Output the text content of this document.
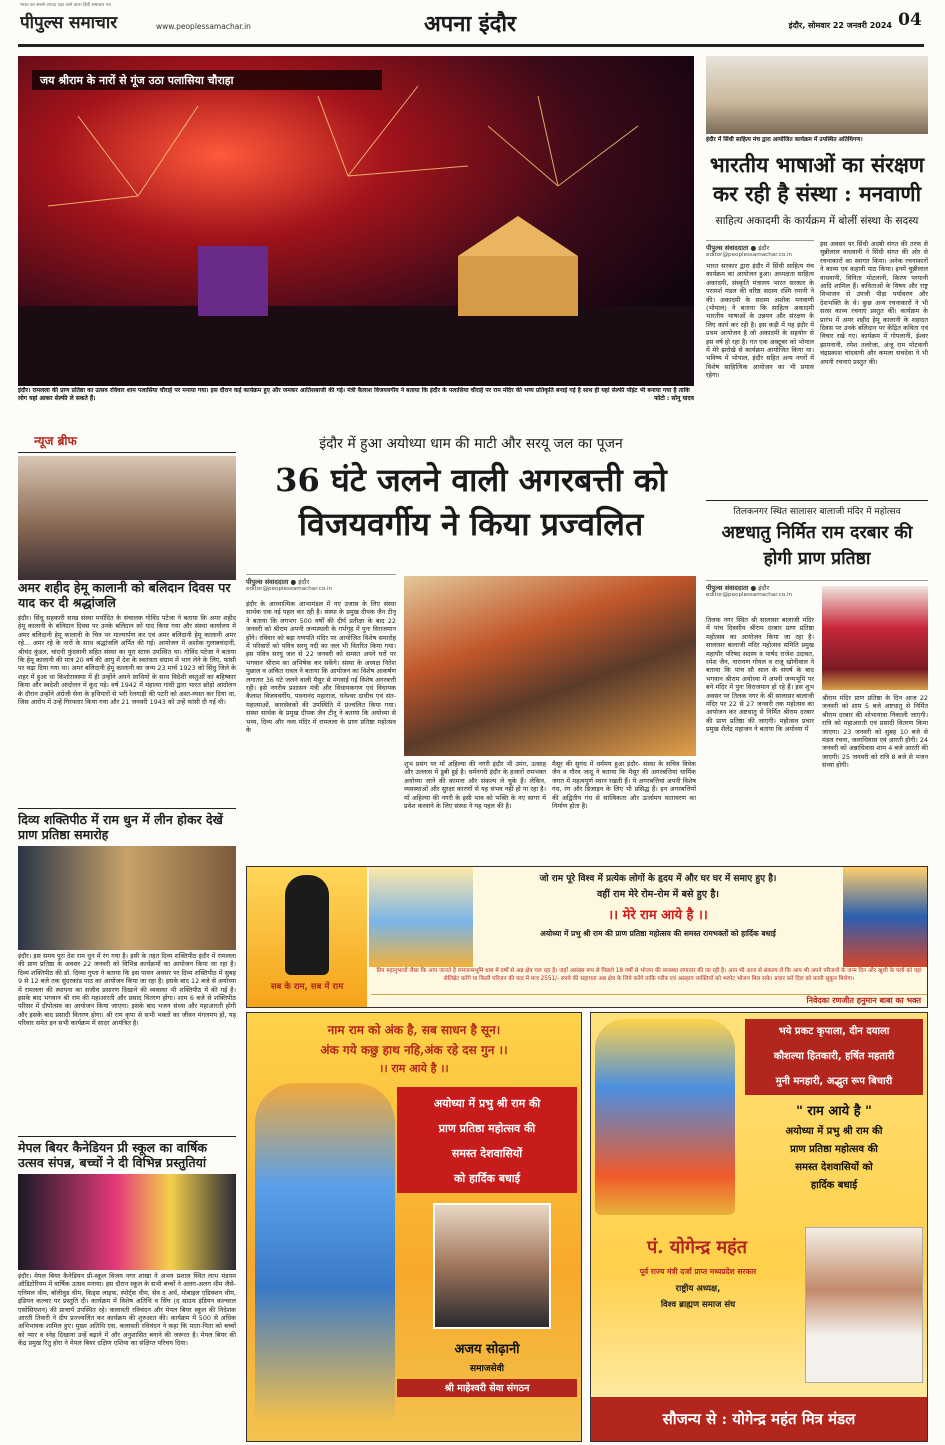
भारत का सबसे ज्यादा पढ़ा जाने वाला हिंदी समाचार पत्र
पीपुल्स समाचार	www.peoplessamachar.in	अपना इंदौर	इंदौर, सोमवार 22 जनवरी 2024 04
जय श्रीराम के नारों से गूंज उठा पलासिया चौराहा
इंदौर। रामलला की प्राण प्रतिष्ठा का उत्सव रविवार शाम पलासिया चौराहे पर मनाया गया। इस दौरान कई कार्यक्रम हुए और जमकर आतिशबाजी की गई। मंत्री कैलाश विजयवर्गीय ने बताया कि इंदौर के पलासिया चौराहे पर राम मंदिर की भव्य प्रतिकृति बनाई गई है साथ ही यहां सेल्फी पॉइंट भी बनाया गया है ताकि लोग यहां आकर सेल्फी ले सकते हैं।	फोटो : सोनू यादव
इंदौर में सिंधी साहित्य मंच द्वारा आयोजित कार्यक्रम में उपस्थित अतिथिगण।
भारतीय भाषाओं का संरक्षण कर रही है संस्था : मनवाणी
साहित्य अकादमी के कार्यक्रम में बोलीं संस्था के सदस्य
पीपुल्स संवाददाता ● इंदौर
editor@peoplessamachar.co.in
भारत सरकार द्वारा इंदौर में सिंधी साहित्य मंच कार्यक्रम का आयोजन हुआ। अध्यक्षता साहित्य अकादमी, संस्कृति मंत्रालय भारत सरकार के परामर्श मंडल की वरिष्ठ सदस्य रश्मि रमानी ने की। अकादमी के सदस्य अशोक मनवाणी (भोपाल) ने बताया कि साहित्य अकादमी भारतीय भाषाओं के उन्नयन और संरक्षण के लिए कार्य कर रही है। इस कड़ी में यह इंदौर में प्रथम आयोजन है जो अकादमी के सहयोग से इस वर्ष हो रहा है। गत एक अक्टूबर को भोपाल में मेरे झरोखे से कार्यक्रम आयोजित किया था। भविष्य में भोपाल, इंदौर सहित अन्य नगरों में विशेष साहित्यिक आयोजन का भी प्रयास रहेगा।
इस अवसर पर सिंधी अदबी संगत की तरफ से चुन्नीलाल वाधवानी ने सिंधी संगत की ओर से रचनाकारों का स्वागत किया। अनेक रचनाकारों ने काव्य एवं कहानी पाठ किया। इनमें चुन्नीलाल वाधवानी, विनिता मोटलानी, किरण परयानी आदि शामिल हैं। कविताओं के विषय और राष्ट्र विभाजन से उपजी पीड़ा पर्यावरण और देशभक्ति के थे। कुछ अन्य रचनाकारों ने भी सरस काव्य रचनाएं प्रस्तुत कीं। कार्यक्रम के प्रारंभ में अमर शहीद हेमू कालानी के शहादत दिवस पर उनके बलिदान पर केंद्रित कविता एवं विचार रखे गए। कार्यक्रम में गोपलानी, ईश्वर झामनानी, रमेश तलरेजा, अंजू राम मोटवानी चंद्रप्रकाश चांदवानी और कमला सचदेवा ने भी अपनी रचनाएं प्रस्तुत की।
तिलकनगर स्थित सालासर बालाजी मंदिर में महोत्सव
अष्टधातु निर्मित राम दरबार की होगी प्राण प्रतिष्ठा
पीपुल्स संवाददाता ● इंदौर
editor@peoplessamachar.co.in
तिलक नगर स्थित श्री सालासर बालाजी मंदिर में पांच दिवसीय श्रीराम दरबार प्राण प्रतिष्ठा महोत्सव का आयोजन किया जा रहा है। सालासर बालाजी मंदिर महोत्सव समिति प्रमुख महापौर परिषद सदस्य व पार्षद राजेश उदावत, रमेश जैन, नारायण गोयल व राजू खोनीवाल ने बताया कि पांच सौ साल के संघर्ष के बाद भगवान श्रीराम अयोध्या में अपनी जन्मभूमि पर बने मंदिर में पुनः विराजमान हो रहे हैं। इस शुभ अवसर पर तिलक नगर के श्री सालासर बालाजी मंदिर पर 22 से 27 जनवरी तक महोत्सव का आयोजन कर अष्टधातु से निर्मित श्रीराम दरबार की प्राण प्रतिष्ठा की जाएगी। महोत्सव प्रचार प्रमुख शैलेंद्र महाजन ने बताया कि अयोध्या में
श्रीराम मंदिर प्राण प्रतिष्ठा के दिन आज 22 जनवरी को शाम 5 बजे अष्टधातु से निर्मित श्रीराम दरबार की शोभायात्रा निकाली जाएगी। रात्रि को महाआरती एवं प्रसादी वितरण किया जाएगा। 23 जनवरी को सुबह 10 बजे से मंडल रचना, जलाधिवास एवं आरती होगी। 24 जनवरी को अन्नाधिवास शाम 4 बजे आरती की जाएगी। 25 जनवरी को रात्रि 8 बजे से भजन संध्या होगी।
न्यूज ब्रीफ
अमर शहीद हेमू कालानी को बलिदान दिवस पर याद कर दी श्रद्धांजलि
इंदौर। सिंधु सहकारी साख संस्था मर्यादित के संचालक गोविंद पटेजा ने बताया कि अमर शहीद हेमू कालानी के बलिदान दिवस पर उनके बलिदान को याद किया गया और संस्था कार्यालय में अमर बलिदानी हेमू कालानी के चित्र पर माल्यार्पण कर एवं अमर बलिदानी हेमू कालानी अमर रहे... अमर रहे के नारों के साथ श्रद्धांजलि अर्पित की गई। आयोजन में अशोक गुलाबचंदानी, श्रीचंद कुंडल, चांदनी फुंदवानी सहित संस्था का पूरा स्टाफ उपस्थित था। गोविंद पटेजा ने बताया कि हेमू कालानी की मात्र 20 वर्ष की आयु में देश के स्वतंत्रता संग्राम में भाग लेने के लिए, फांसी पर चढ़ा दिया गया था। अमर बलिदानी हेमू कालानी का जन्म 23 मार्च 1923 को सिंधु जिले के शहर में हुआ था किशोरावस्था में ही उन्होंने अपने साथियों के साथ विदेशी वस्तुओं का बहिष्कार किया और स्वदेशी आंदोलन में कूद पड़े। वर्ष 1942 में महात्मा गांधी द्वारा भारत छोड़ो आंदोलन के दौरान उन्होंने अंग्रेजी सेना के हथियारों से भरी रेलगाड़ी की पटरी को अस्त-व्यस्त कर दिया था, जिस आरोप में उन्हें गिरफ्तार किया गया और 21 जनवरी 1943 को उन्हें फांसी दी गई थी।
दिव्य शक्तिपीठ में राम धुन में लीन होकर देखें प्राण प्रतिष्ठा समारोह
इंदौर। इस समय पूरा देश राम धुन में रंग गया है। इसी के तहत दिव्य शक्तिपीठ इंदौर में रामलला की प्राण प्रतिष्ठा के अवसर 22 जनवरी को विभिन्न कार्यक्रमों का आयोजन किया जा रहा है। दिव्य शक्तिपीठ की डॉ. दिव्या गुप्ता ने बताया कि इस पावन अवसर पर दिव्य शक्तिपीठ में सुबह 9 से 12 बजे तक सुंदरकांड पाठ का आयोजन किया जा रहा है। इसके बाद 12 बजे से अयोध्या में रामलला की स्थापना का सजीव प्रसारण दिखाने की व्यवस्था भी शक्तिपीठ में की गई है। इसके बाद भगवान श्री राम की महाआरती और प्रसाद वितरण होगा। शाम 6 बजे से शक्तिपीठ परिसर में दीपोत्सव का आयोजन किया जाएगा। इसके बाद भजन संध्या और महाआरती होगी और इसके बाद प्रसादी वितरण होगा। श्री राम कृपा से सभी भक्तों का जीवन मंगलमय हो, यह परिवार समेत इन सभी कार्यक्रम में सादर आमंत्रित है।
मेपल बियर कैनेडियन प्री स्कूल का वार्षिक उत्सव संपन्न, बच्चों ने दी विभिन्न प्रस्तुतियां
इंदौर। मेपल बियर कैनेडियन प्री-स्कूल विजय नगर शाखा ने अभय प्रशाल स्थित लाभ मंडपम ऑडिटोरियम में वार्षिक उत्सव मनाया। इस दौरान स्कूल के सभी बच्चों ने अलग-अलग थीम जैसे- एनिमल थीम, बॉलीवुड थीम, किड्स लाइफ, स्पोर्ट्स थीम, सेव द अर्थ, मोबाइल एडिक्शन थीम, इंडियन कल्चर पर प्रस्तुति दी। कार्यक्रम में विशेष अतिथि व सिंघ (द साउथ इंडियन कल्चरल एसोसिएशन) की प्राचार्य उपस्थित रहे। कलावती रविचंदन और मेपल बियर स्कूल की निदेशक आरती तिवारी ने दीप प्रज्ज्वलित कर कार्यक्रम की शुरुआत की। कार्यक्रम में 500 से अधिक अभिभावक शामिल हुए। मुख्य अतिथि एस, कलावती रविचंदन ने कहा कि माता-पिता को बच्चों को प्यार व स्नेह दिखाना उन्हें बढ़ाने में और अनुशासित बनाने की जरूरत है। मेपल बियर की केंद्र प्रमुख रितु होरा ने मेपल बियर दक्षिण एशिया का संक्षिप्त परिचय दिया।
इंदौर में हुआ अयोध्या धाम की माटी और सरयू जल का पूजन
36 घंटे जलने वाली अगरबत्ती को विजयवर्गीय ने किया प्रज्वलित
पीपुल्स संवाददाता ● इंदौर
editor@peoplessamachar.co.in
इंदौर के आध्यात्मिक आभामंडल में नए उजास के लिए संस्था सार्थक एक नई पहल कर रही है। संस्था के प्रमुख दीपक जैन टीनू ने बताया कि लगभग 500 वर्षों की दीर्घ प्रतीक्षा के बाद 22 जनवरी को श्रीराम अपनी जन्मस्थली के गर्भगृह में पुनः विराजमान होंगे। रविवार को बड़ा गणपति मंदिर पर आयोजित विशेष समारोह में परिवारों को पवित्र सरयू नदी का जल भी वितरित किया गया। इस पवित्र सरयू जल से 22 जनवरी को समस्त अपने घरों पर भगवान श्रीराम का अभिषेक कर सकेंगे। संस्था के अध्यक्ष नितेश मुछाल व अंकित रावल ने बताया कि आयोजन का विशेष आकर्षण लगातार 36 घंटे जलने वाली मैसूर से मंगवाई गई विशेष अगरबत्ती रही। इसे नगरीय प्रशासन मंत्री और विधायकगण एवं विधायक कैलाश विजयवर्गीय, पवनानंद महाराज, घनेश्वर दाधीच एवं संत-महात्माओं, कारसेवकों की उपस्थिति में प्रज्वलित किया गया। संस्था सार्थक के प्रमुख दीपक जैन टीनू ने बताया कि अयोध्या से भव्य, दिव्य और नव्य मंदिर में रामलला के प्राण प्रतिष्ठा महोत्सव के
शुभ प्रसंग पर माँ अहिल्या की नगरी इंदौर भी उमंग, उत्साह और उल्लास में डूबी हुई है। धर्मनगरी इंदौर के हजारों रामभक्त अयोध्या जाने की कामना और संकल्प ले चुके हैं। लेकिन, व्यवस्थाओं और सुरक्षा कारणों से यह संभव नहीं हो पा रहा है। माँ अहिल्या की नगरी के इसी भाव को भक्ति के नए सागर में प्रवेश करवाने के लिए संस्था ने यह पहल की है।
मैसूर की सुगंध में धर्ममय हुआ इंदौर- संस्था के सचिव विवेक जैन व गौरव जादू ने बताया कि मैसूर की अगरबत्तियां धार्मिक जगत में महत्वपूर्ण स्थान रखती हैं। ये अगरबत्तियां अपनी विशेष गंध, रंग और डिजाइन के लिए भी प्रसिद्ध हैं। इन अगरबत्तियों की अद्वितीय गंध से सात्विकता और ऊर्जामय वातावरण का निर्माण होता है।
सब के राम, सब में राम
जो राम पूरे विश्व में प्रत्येक लोगों के हृदय में और घर घर में समाए हुए है।
वहीं राम मेरे रोम-रोम में बसे हुए है।
।। मेरे राम आये है ।।
अयोध्या में प्रभु श्री राम की प्राण प्रतिष्ठा महोत्सव की समस्त रामभक्तों को हार्दिक बधाई
प्रिय महानुभावों जैसा कि आप जानते है रामजन्मभूमि धाम में वर्षों से अन्न क्षेत्र चल रहा है। जहाँ असंख्य रूप से पिछले 18 वर्षों से भोजन की व्यवस्था लगातार की जा रही है। आप भी आज से संकल्प लें कि आप भी अपने परिजनों के जन्म दिन और खुशी के पलों को वहां सेलिब्रेट करेंगे या किसी परिजन की याद में मात्र 2551/- रुपये की सहायता अन्न क्षेत्र के लिये करेंगे ताकि गरीब एवं असहाय व्यक्तियों को भरपेट भोजन मिल सके। प्रचार करें दिल को कापी सुकून मिलेगा।
निवेदकः रणजीत हनुमान बाबा का भक्त
नाम राम को अंक है, सब साधन है सून।
अंक गये कछु हाथ नहि,अंक रहे दस गुन ।।
।। राम आये है ।।
अयोध्या में प्रभु श्री राम की
प्राण प्रतिष्ठा महोत्सव की
समस्त देशवासियों
को हार्दिक बधाई
अजय सोढ़ानी
समाजसेवी
श्री माहेश्वरी सेवा संगठन
भये प्रकट कृपाला, दीन दयाला
कौशल्या हितकारी, हर्षित महतारी
मुनी मनहारी, अद्भुत रूप बिचारी
" राम आये है "
अयोध्या में प्रभु श्री राम की
प्राण प्रतिष्ठा महोत्सव की
समस्त देशवासियों को
हार्दिक बधाई
पं. योगेन्द्र महंत
पूर्व राज्य मंत्री दर्जा प्राप्त मध्यप्रदेश सरकार
राष्ट्रीय अध्यक्ष,
विश्व ब्राह्मण समाज संघ
सौजन्य से : योगेन्द्र महंत मित्र मंडल
